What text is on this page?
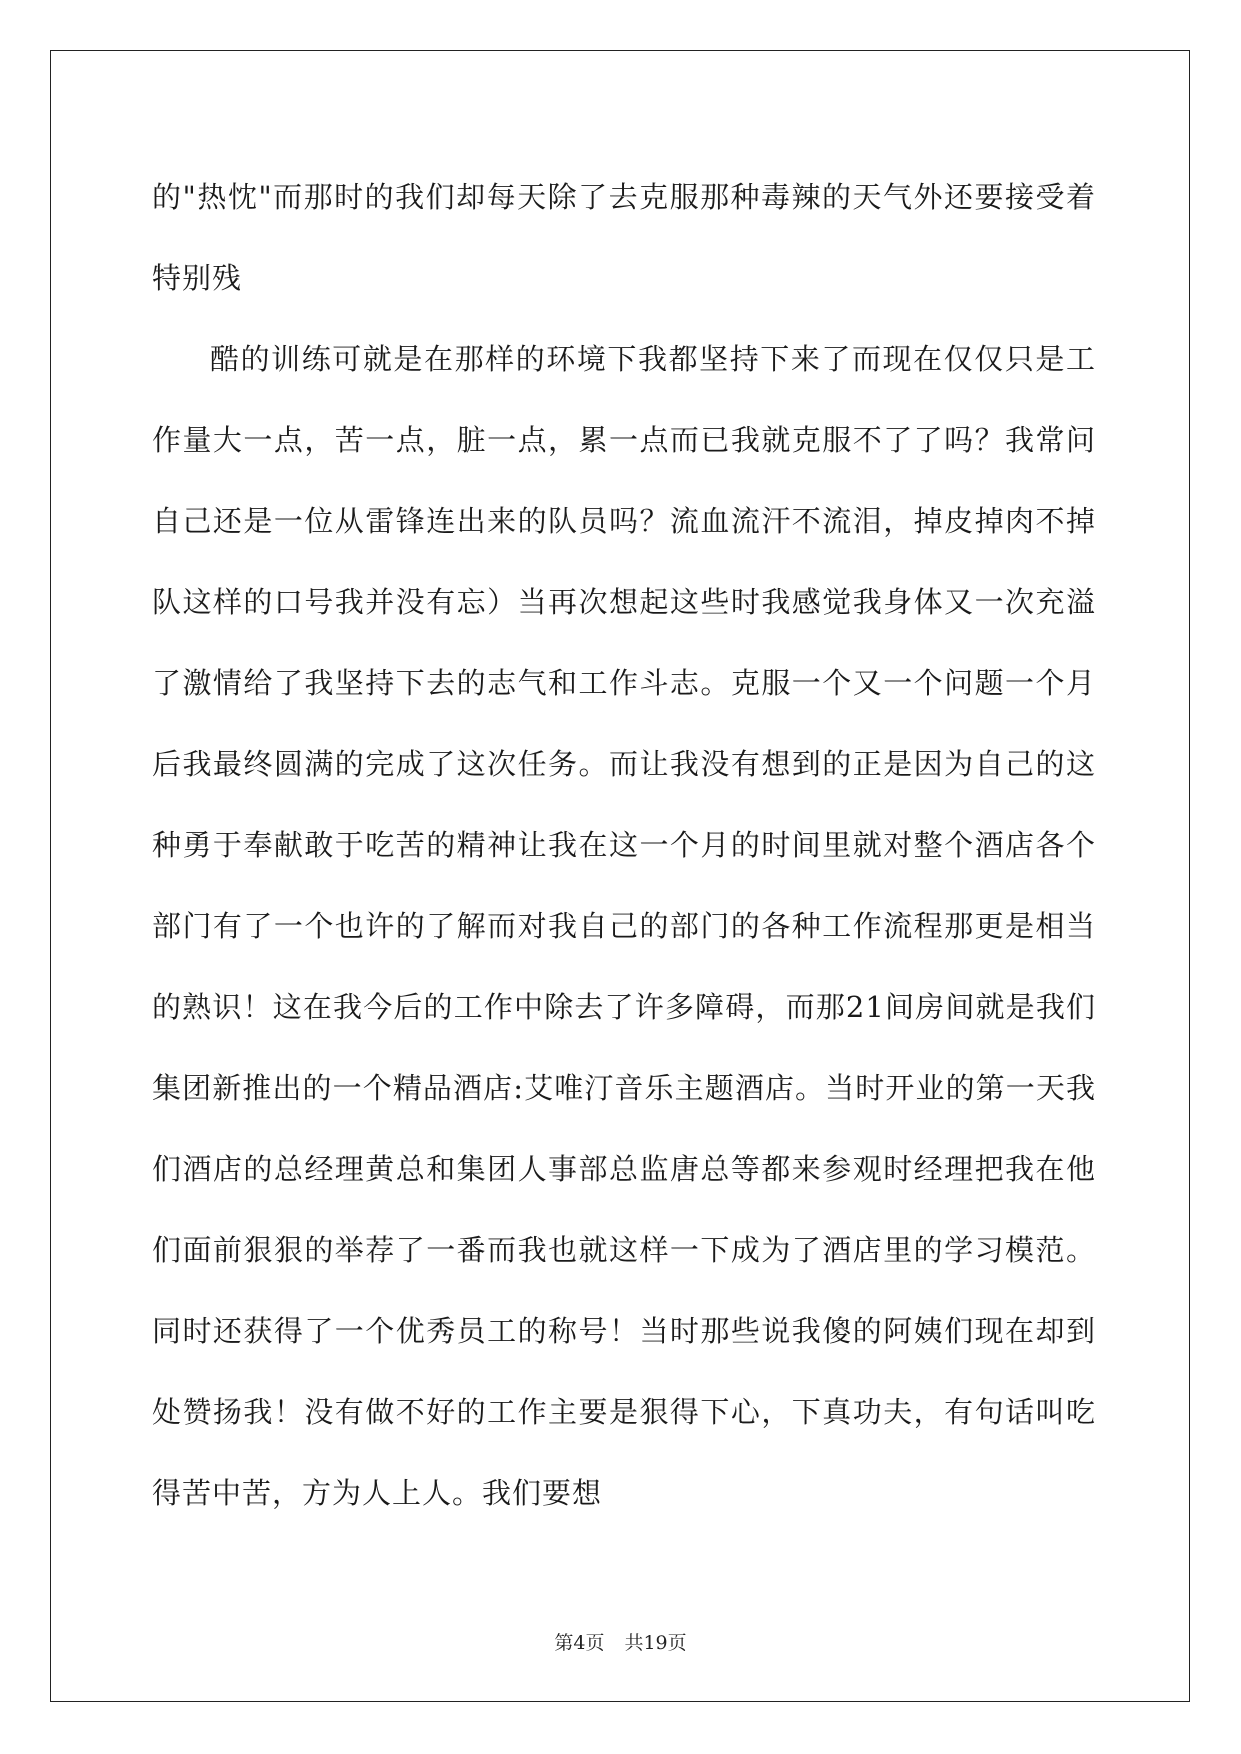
的"热忱"而那时的我们却每天除了去克服那种毒辣的天气外还要接受着特别残

酷的训练可就是在那样的环境下我都坚持下来了而现在仅仅只是工作量大一点，苦一点，脏一点，累一点而已我就克服不了了吗？我常问自己还是一位从雷锋连出来的队员吗？流血流汗不流泪，掉皮掉肉不掉队这样的口号我并没有忘）当再次想起这些时我感觉我身体又一次充溢了激情给了我坚持下去的志气和工作斗志。克服一个又一个问题一个月后我最终圆满的完成了这次任务。而让我没有想到的正是因为自己的这种勇于奉献敢于吃苦的精神让我在这一个月的时间里就对整个酒店各个部门有了一个也许的了解而对我自己的部门的各种工作流程那更是相当的熟识！这在我今后的工作中除去了许多障碍，而那21间房间就是我们集团新推出的一个精品酒店:艾唯汀音乐主题酒店。当时开业的第一天我们酒店的总经理黄总和集团人事部总监唐总等都来参观时经理把我在他们面前狠狠的举荐了一番而我也就这样一下成为了酒店里的学习模范。同时还获得了一个优秀员工的称号！当时那些说我傻的阿姨们现在却到处赞扬我！没有做不好的工作主要是狠得下心，下真功夫，有句话叫吃得苦中苦，方为人上人。我们要想

第4页 共19页
